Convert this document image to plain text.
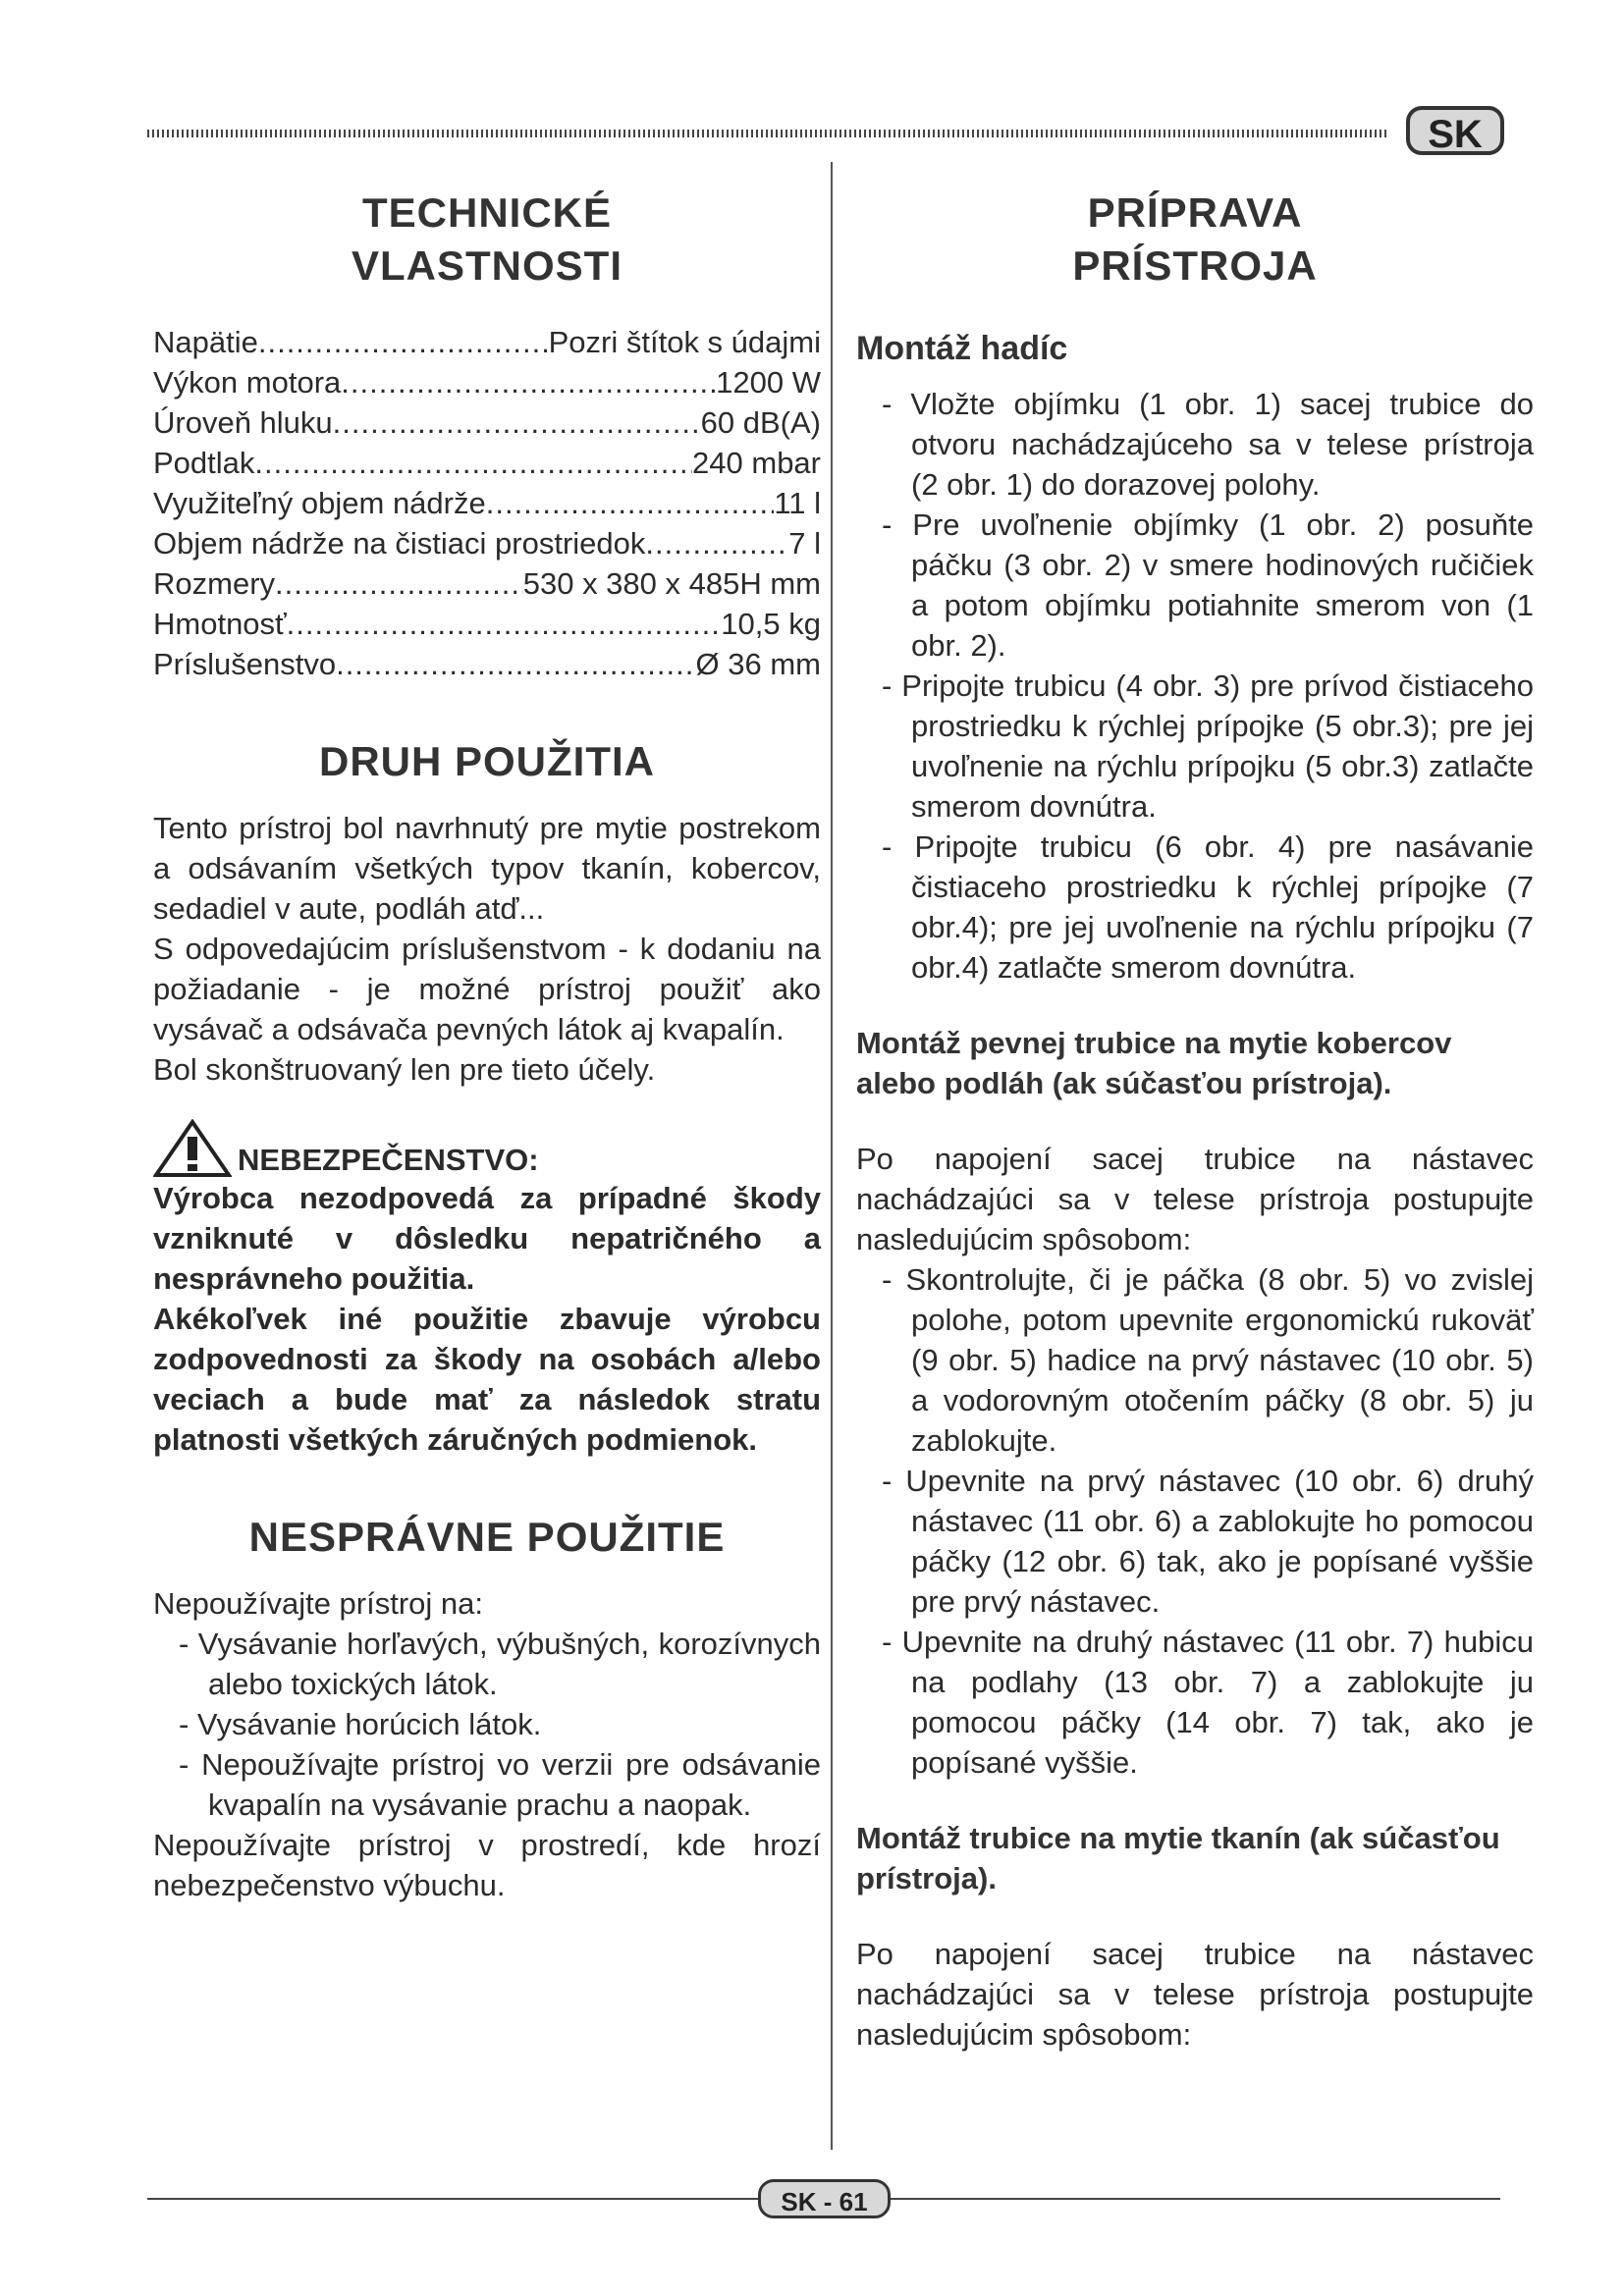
SK
TECHNICKÉ
VLASTNOSTI
Napätie .....	Pozri štítok s údajmi
Výkon motora .....	1200 W
Úroveň hluku .....	60 dB(A)
Podtlak .....	240 mbar
Využiteľný objem nádrže .....	11 l
Objem nádrže na čistiaci prostriedok .....	7 l
Rozmery .....	530 x 380 x 485H mm
Hmotnosť .....	10,5 kg
Príslušenstvo .....	Ø 36 mm
DRUH POUŽITIA

Tento prístroj bol navrhnutý pre mytie postrekom a odsávaním všetkých typov tkanín, kobercov, sedadiel v aute, podláh atď...

S odpovedajúcim príslušenstvom - k dodaniu na požiadanie - je možné prístroj použiť ako vysávač a odsávača pevných látok aj kvapalín.

Bol skonštruovaný len pre tieto účely.

NEBEZPEČENSTVO:

Výrobca nezodpovedá za prípadné škody vzniknuté v dôsledku nepatričného a nesprávneho použitia.

Akékoľvek iné použitie zbavuje výrobcu zodpovednosti za škody na osobách a/lebo veciach a bude mať za následok stratu platnosti všetkých záručných podmienok.

NESPRÁVNE POUŽITIE

Nepoužívajte prístroj na:

- Vysávanie horľavých, výbušných, korozívnych alebo toxických látok.

- Vysávanie horúcich látok.

- Nepoužívajte prístroj vo verzii pre odsávanie kvapalín na vysávanie prachu a naopak.

Nepoužívajte prístroj v prostredí, kde hrozí nebezpečenstvo výbuchu.

PRÍPRAVA
PRÍSTROJA
Montáž hadíc

- Vložte objímku (1 obr. 1) sacej trubice do otvoru nachádzajúceho sa v telese prístroja (2 obr. 1) do dorazovej polohy.

- Pre uvoľnenie objímky (1 obr. 2) posuňte páčku (3 obr. 2) v smere hodinových ručičiek a potom objímku potiahnite smerom von (1 obr. 2).

- Pripojte trubicu (4 obr. 3) pre prívod čistiaceho prostriedku k rýchlej prípojke (5 obr.3); pre jej uvoľnenie na rýchlu prípojku (5 obr.3) zatlačte smerom dovnútra.

- Pripojte trubicu (6 obr. 4) pre nasávanie čistiaceho prostriedku k rýchlej prípojke (7 obr.4); pre jej uvoľnenie na rýchlu prípojku (7 obr.4) zatlačte smerom dovnútra.

Montáž pevnej trubice na mytie kobercov alebo podláh (ak súčasťou prístroja).

Po napojení sacej trubice na nástavec nachádzajúci sa v telese prístroja postupujte nasledujúcim spôsobom:

- Skontrolujte, či je páčka (8 obr. 5) vo zvislej polohe, potom upevnite ergonomickú rukoväť (9 obr. 5) hadice na prvý nástavec (10 obr. 5) a vodorovným otočením páčky (8 obr. 5) ju zablokujte.

- Upevnite na prvý nástavec (10 obr. 6) druhý nástavec (11 obr. 6) a zablokujte ho pomocou páčky (12 obr. 6) tak, ako je popísané vyššie pre prvý nástavec.

- Upevnite na druhý nástavec (11 obr. 7) hubicu na podlahy (13 obr. 7) a zablokujte ju pomocou páčky (14 obr. 7) tak, ako je popísané vyššie.

Montáž trubice na mytie tkanín (ak súčasťou prístroja).

Po napojení sacej trubice na nástavec nachádzajúci sa v telese prístroja postupujte nasledujúcim spôsobom:

SK - 61
